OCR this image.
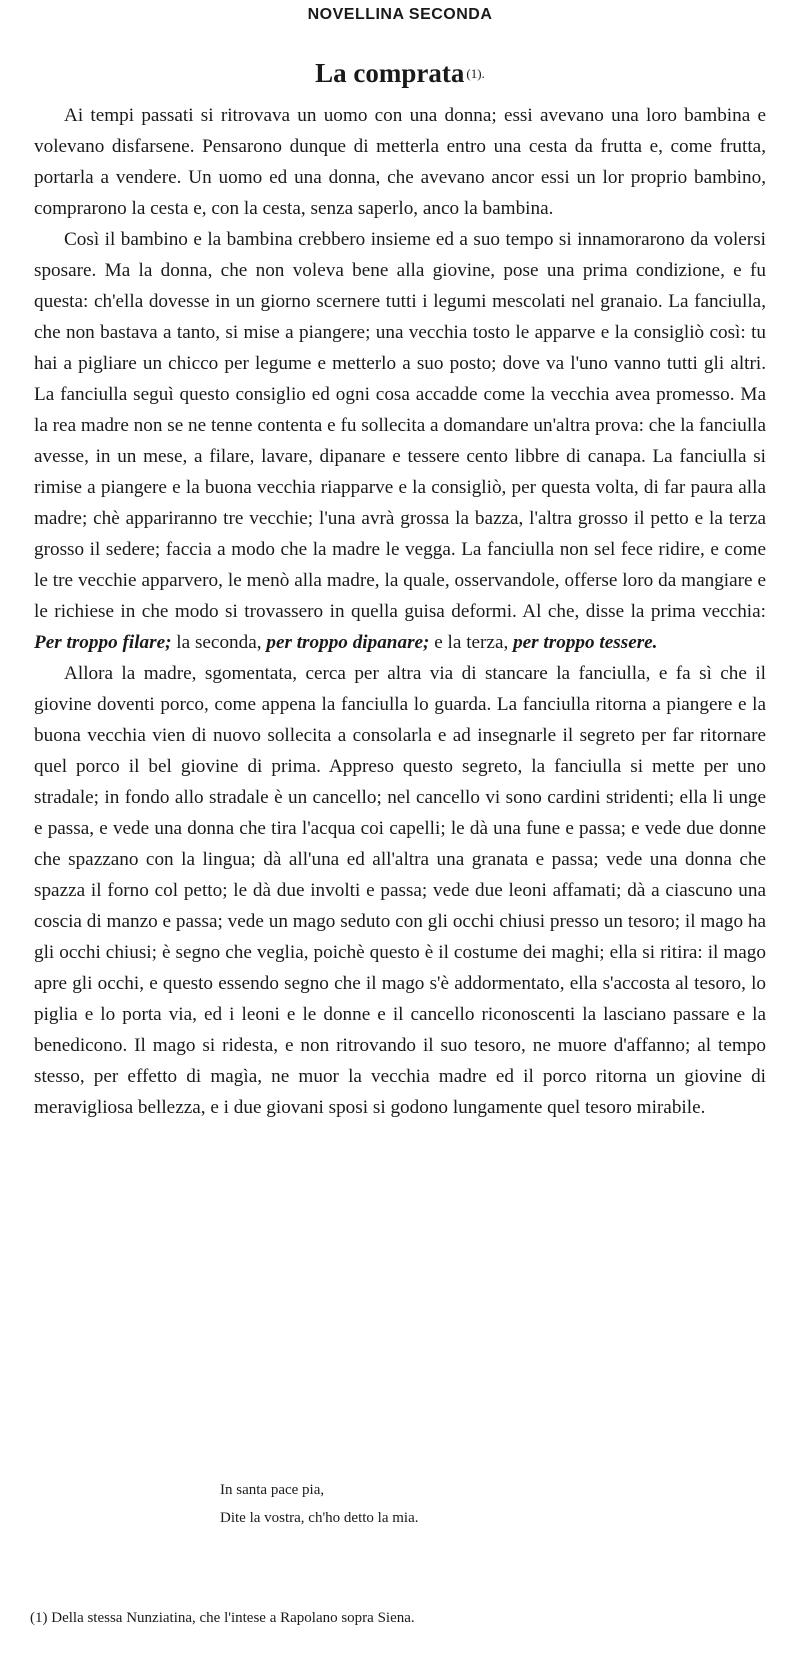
NOVELLINA SECONDA
La comprata $^{(1).}$

Ai tempi passati si ritrovava un uomo con una donna; essi avevano una loro bambina e volevano disfarsene. Pensarono dunque di metterla entro una cesta da frutta e, come frutta, portarla a vendere. Un uomo ed una donna, che avevano ancor essi un lor proprio bambino, comprarono la cesta e, con la cesta, senza saperlo, anco la bambina.

Così il bambino e la bambina crebbero insieme ed a suo tempo si innamorarono da volersi sposare. Ma la donna, che non voleva bene alla giovine, pose una prima condizione, e fu questa: ch'ella dovesse in un giorno scernere tutti i legumi mescolati nel granaio. La fanciulla, che non bastava a tanto, si mise a piangere; una vecchia tosto le apparve e la consigliò così: tu hai a pigliare un chicco per legume e metterlo a suo posto; dove va l'uno vanno tutti gli altri. La fanciulla seguì questo consiglio ed ogni cosa accadde come la vecchia avea promesso. Ma la rea madre non se ne tenne contenta e fu sollecita a domandare un'altra prova: che la fanciulla avesse, in un mese, a filare, lavare, dipanare e tessere cento libbre di canapa. La fanciulla si rimise a piangere e la buona vecchia riapparve e la consigliò, per questa volta, di far paura alla madre; chè appariranno tre vecchie; l'una avrà grossa la bazza, l'altra grosso il petto e la terza grosso il sedere; faccia a modo che la madre le vegga. La fanciulla non sel fece ridire, e come le tre vecchie apparvero, le menò alla madre, la quale, osservandole, offerse loro da mangiare e le richiese in che modo si trovassero in quella guisa deformi. Al che, disse la prima vecchia: Per troppo filare; la seconda, per troppo dipanare; e la terza, per troppo tessere.

Allora la madre, sgomentata, cerca per altra via di stancare la fanciulla, e fa sì che il giovine doventi porco, come appena la fanciulla lo guarda. La fanciulla ritorna a piangere e la buona vecchia vien di nuovo sollecita a consolarla e ad insegnarle il segreto per far ritornare quel porco il bel giovine di prima. Appreso questo segreto, la fanciulla si mette per uno stradale; in fondo allo stradale è un cancello; nel cancello vi sono cardini stridenti; ella li unge e passa, e vede una donna che tira l'acqua coi capelli; le dà una fune e passa; e vede due donne che spazzano con la lingua; dà all'una ed all'altra una granata e passa; vede una donna che spazza il forno col petto; le dà due involti e passa; vede due leoni affamati; dà a ciascuno una coscia di manzo e passa; vede un mago seduto con gli occhi chiusi presso un tesoro; il mago ha gli occhi chiusi; è segno che veglia, poichè questo è il costume dei maghi; ella si ritira: il mago apre gli occhi, e questo essendo segno che il mago s'è addormentato, ella s'accosta al tesoro, lo piglia e lo porta via, ed i leoni e le donne e il cancello riconoscenti la lasciano passare e la benedicono. Il mago si ridesta, e non ritrovando il suo tesoro, ne muore d'affanno; al tempo stesso, per effetto di magìa, ne muor la vecchia madre ed il porco ritorna un giovine di meravigliosa bellezza, e i due giovani sposi si godono lungamente quel tesoro mirabile.

In santa pace pia,
Dite la vostra, ch'ho detto la mia.
(1) Della stessa Nunziatina, che l'intese a Rapolano sopra Siena.
